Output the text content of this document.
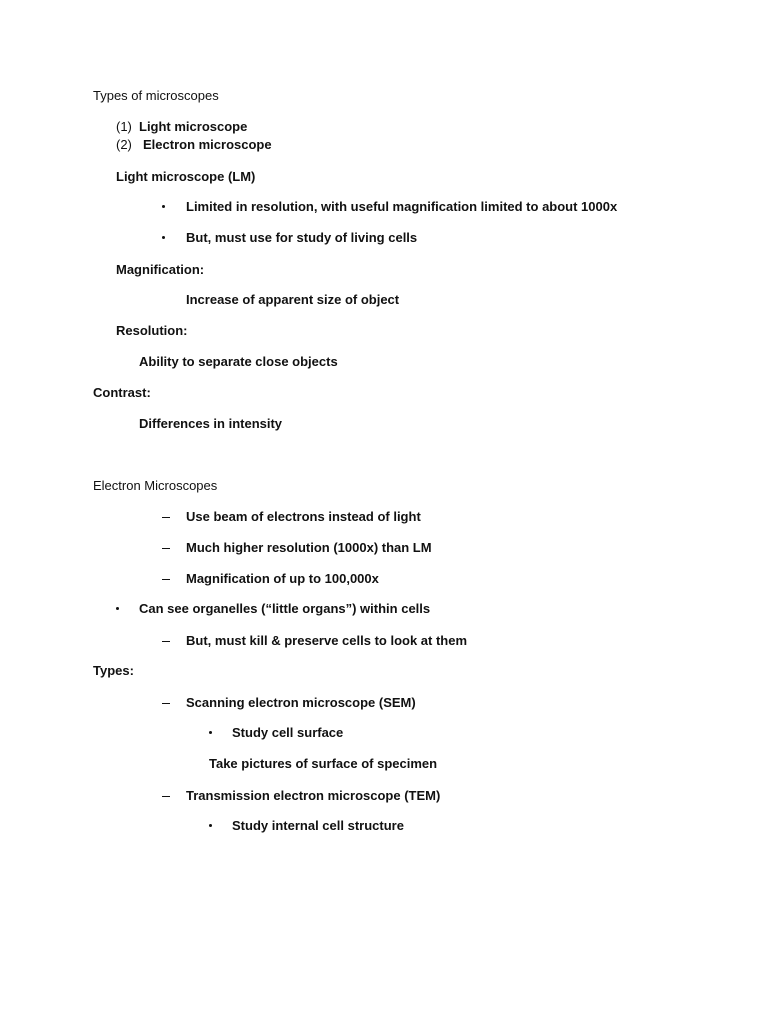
Types of microscopes
(1) Light microscope
(2) Electron microscope
Light microscope (LM)
Limited in resolution, with useful magnification limited to about 1000x
But, must use for study of living cells
Magnification:
Increase of apparent size of object
Resolution:
Ability to separate close objects
Contrast:
Differences in intensity
Electron Microscopes
Use beam of electrons instead of light
Much higher resolution (1000x) than LM
Magnification of up to 100,000x
Can see organelles (“little organs”) within cells
But, must kill & preserve cells to look at them
Types:
Scanning electron microscope (SEM)
Study cell surface
Take pictures of surface of specimen
Transmission electron microscope (TEM)
Study internal cell structure
